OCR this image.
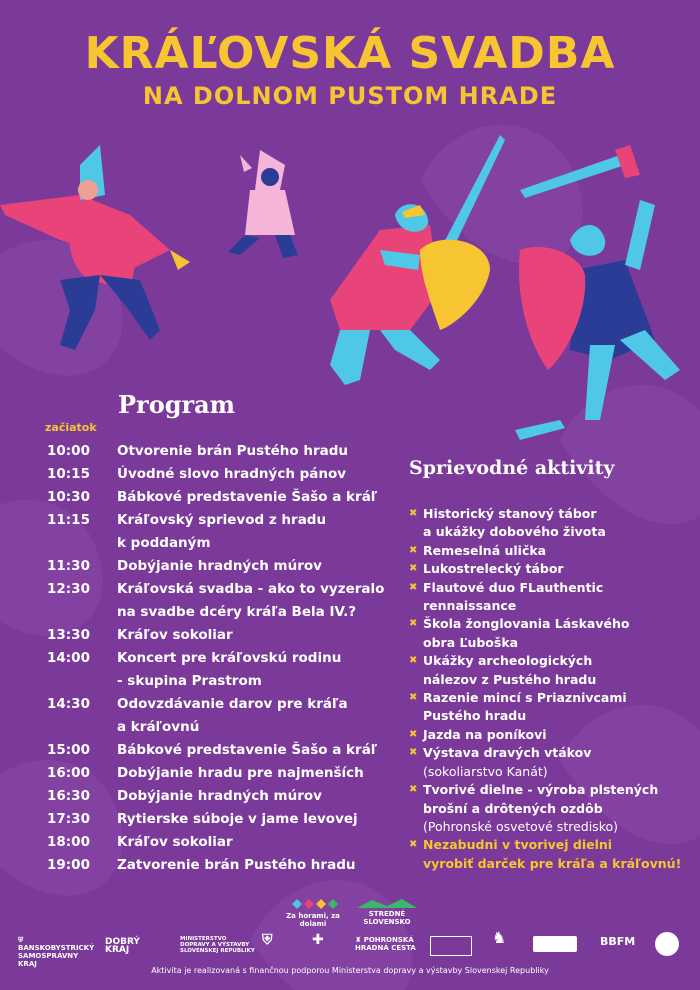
KRÁĽOVSKÁ SVADBA
NA DOLNOM PUSTOM HRADE
Program
začiatok
10:00	Otvorenie brán Pustého hradu
10:15	Úvodné slovo hradných pánov
10:30	Bábkové predstavenie Šašo a kráľ
11:15	Kráľovský sprievod z hradu
k poddaným
11:30	Dobýjanie hradných múrov
12:30	Kráľovská svadba - ako to vyzeralo
na svadbe dcéry kráľa Bela IV.?
13:30	Kráľov sokoliar
14:00	Koncert pre kráľovskú rodinu
- skupina Prastrom
14:30	Odovzdávanie darov pre kráľa
a kráľovnú
15:00	Bábkové predstavenie Šašo a kráľ
16:00	Dobýjanie hradu pre najmenších
16:30	Dobýjanie hradných múrov
17:30	Rytierske súboje v jame levovej
18:00	Kráľov sokoliar
19:00	Zatvorenie brán Pustého hradu
Sprievodné aktivity
✖ Historický stanový tábor
a ukážky dobového života
✖ Remeselná ulička
✖ Lukostrelecký tábor
✖ Flautové duo FLauthentic
rennaissance
✖ Škola žonglovania Láskavého
obra Ľuboška
✖ Ukážky archeologických
nálezov z Pustého hradu
✖ Razenie mincí s Priaznivcami
Pustého hradu
✖ Jazda na poníkovi
✖ Výstava dravých vtákov
(sokoliarstvo Kanát)
✖ Tvorivé dielne - výroba plstených
brošní a drôtených ozdôb
(Pohronské osvetové stredisko)
✖ Nezabudni v tvorivej dielni
vyrobiť darček pre kráľa a kráľovnú!
Za horami, za dolami
STREDNÉ SLOVENSKO
⛨ BANSKOBYSTRICKÝ SAMOSPRÁVNY KRAJ
DOBRÝ KRAJ
MINISTERSTVO DOPRAVY A VÝSTAVBY SLOVENSKEJ REPUBLIKY
⛨	✚	♜ POHRONSKÁ HRADNÁ CESTA
♞	BBFM
Aktivita je realizovaná s finančnou podporou Ministerstva dopravy a výstavby Slovenskej Republiky
